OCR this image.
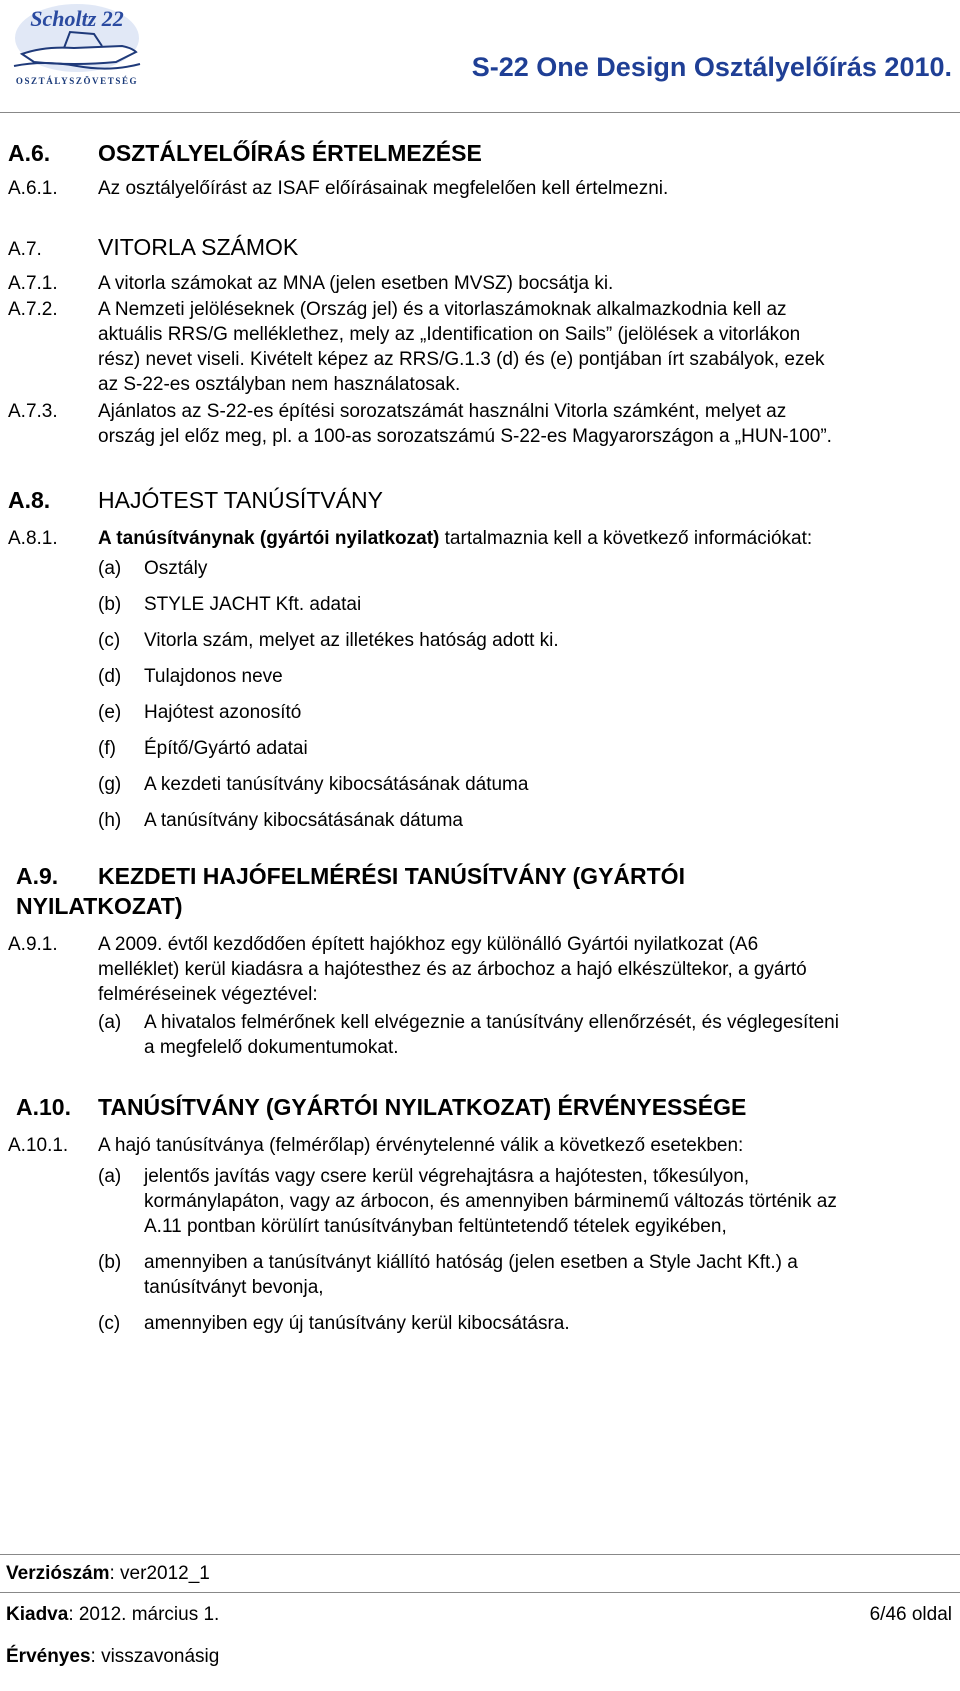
Scholtz 22
OSZTÁLYSZÖVETSÉG	S-22 One Design Osztályelőírás 2010.
A.6. OSZTÁLYELŐÍRÁS ÉRTELMEZÉSE
A.6.1. Az osztályelőírást az ISAF előírásainak megfelelően kell értelmezni.
A.7. VITORLA SZÁMOK
A.7.1. A vitorla számokat az MNA (jelen esetben MVSZ) bocsátja ki.
A.7.2. A Nemzeti jelöléseknek (Ország jel) és a vitorlaszámoknak alkalmazkodnia kell az
aktuális RRS/G melléklethez, mely az „Identification on Sails” (jelölések a vitorlákon
rész) nevet viseli. Kivételt képez az RRS/G.1.3 (d) és (e) pontjában írt szabályok, ezek
az S-22-es osztályban nem használatosak.
A.7.3. Ajánlatos az S-22-es építési sorozatszámát használni Vitorla számként, melyet az
ország jel előz meg, pl. a 100-as sorozatszámú S-22-es Magyarországon a „HUN-100”.
A.8. HAJÓTEST TANÚSÍTVÁNY
A.8.1. A tanúsítványnak (gyártói nyilatkozat) tartalmaznia kell a következő információkat:
(a) Osztály
(b) STYLE JACHT Kft. adatai
(c) Vitorla szám, melyet az illetékes hatóság adott ki.
(d) Tulajdonos neve
(e) Hajótest azonosító
(f) Építő/Gyártó adatai
(g) A kezdeti tanúsítvány kibocsátásának dátuma
(h) A tanúsítvány kibocsátásának dátuma
A.9. KEZDETI HAJÓFELMÉRÉSI TANÚSÍTVÁNY (GYÁRTÓI
NYILATKOZAT)
A.9.1. A 2009. évtől kezdődően épített hajókhoz egy különálló Gyártói nyilatkozat (A6
melléklet) kerül kiadásra a hajótesthez és az árbochoz a hajó elkészültekor, a gyártó
felméréseinek végeztével:
(a) A hivatalos felmérőnek kell elvégeznie a tanúsítvány ellenőrzését, és véglegesíteni
a megfelelő dokumentumokat.
A.10. TANÚSÍTVÁNY (GYÁRTÓI NYILATKOZAT) ÉRVÉNYESSÉGE
A.10.1. A hajó tanúsítványa (felmérőlap) érvénytelenné válik a következő esetekben:
(a) jelentős javítás vagy csere kerül végrehajtásra a hajótesten, tőkesúlyon,
kormánylapáton, vagy az árbocon, és amennyiben bárminemű változás történik az
A.11 pontban körülírt tanúsítványban feltüntetendő tételek egyikében,
(b) amennyiben a tanúsítványt kiállító hatóság (jelen esetben a Style Jacht Kft.) a
tanúsítványt bevonja,
(c) amennyiben egy új tanúsítvány kerül kibocsátásra.
Verziószám: ver2012_1
Kiadva: 2012. március 1.	6/46 oldal
Érvényes: visszavonásig
